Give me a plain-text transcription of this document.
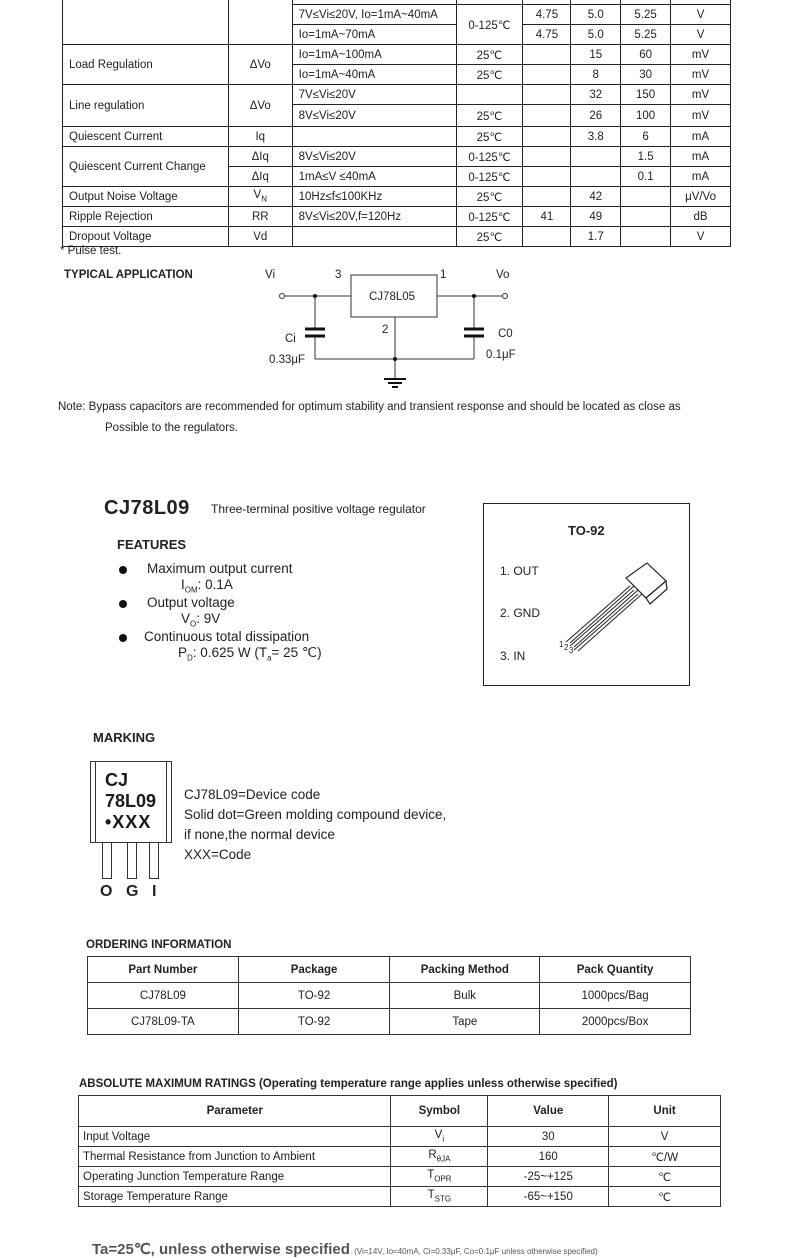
		7V≤Vi≤20V, Io=1mA~40mA	0-125℃	4.75	5.0	5.25	V
		Io=1mA~70mA		4.75	5.0	5.25	V
Load Regulation	ΔVo	Io=1mA~100mA	25℃		15	60	mV
		Io=1mA~40mA	25℃		8	30	mV
Line regulation	ΔVo	7V≤Vi≤20V			32	150	mV
		8V≤Vi≤20V	25℃		26	100	mV
Quiescent Current	Iq		25℃		3.8	6	mA
Quiescent Current Change	ΔIq	8V≤Vi≤20V	0-125℃			1.5	mA
	ΔIq	1mA≤V ≤40mA	0-125℃			0.1	mA
Output Noise Voltage	$V_N$	10Hz≤f≤100KHz	25℃		42		μV/Vo
Ripple Rejection	RR	8V≤Vi≤20V,f=120Hz	0-125℃	41	49		dB
Dropout Voltage	Vd		25℃		1.7		V
* Pulse test.
TYPICAL APPLICATION	Vi	3	1	Vo
CJ78L05
2
Ci
0.33μF
C0
0.1μF
Note: Bypass capacitors are recommended for optimum stability and transient response and should be located as close as
Possible to the regulators.
CJ78L09 Three-terminal positive voltage regulator
FEATURES
Maximum output current
$I_{OM}$: 0.1A
Output voltage
$V_O$: 9V
Continuous total dissipation
$P_D$: 0.625 W ($T_a= 25$ ℃)
TO-92
1. OUT
2. GND
3. IN
1 2 3
MARKING
CJ
78L09
•XXX
O G I
CJ78L09=Device code
Solid dot=Green molding compound device,
if none,the normal device
XXX=Code
ORDERING INFORMATION
Part Number	Package	Packing Method	Pack Quantity
CJ78L09	TO-92	Bulk	1000pcs/Bag
CJ78L09-TA	TO-92	Tape	2000pcs/Box
ABSOLUTE MAXIMUM RATINGS (Operating temperature range applies unless otherwise specified)
Parameter	Symbol	Value	Unit
Input Voltage	$V_i$	30	V
Thermal Resistance from Junction to Ambient	$R_{\theta JA}$	160	℃/W
Operating Junction Temperature Range	$T_{OPR}$	-25~+125	℃
Storage Temperature Range	$T_{STG}$	-65~+150	℃
Ta=25℃, unless otherwise specified (Vi=14V, Io=40mA, Ci=0.33μF, Co=0.1μF unless otherwise specified)
